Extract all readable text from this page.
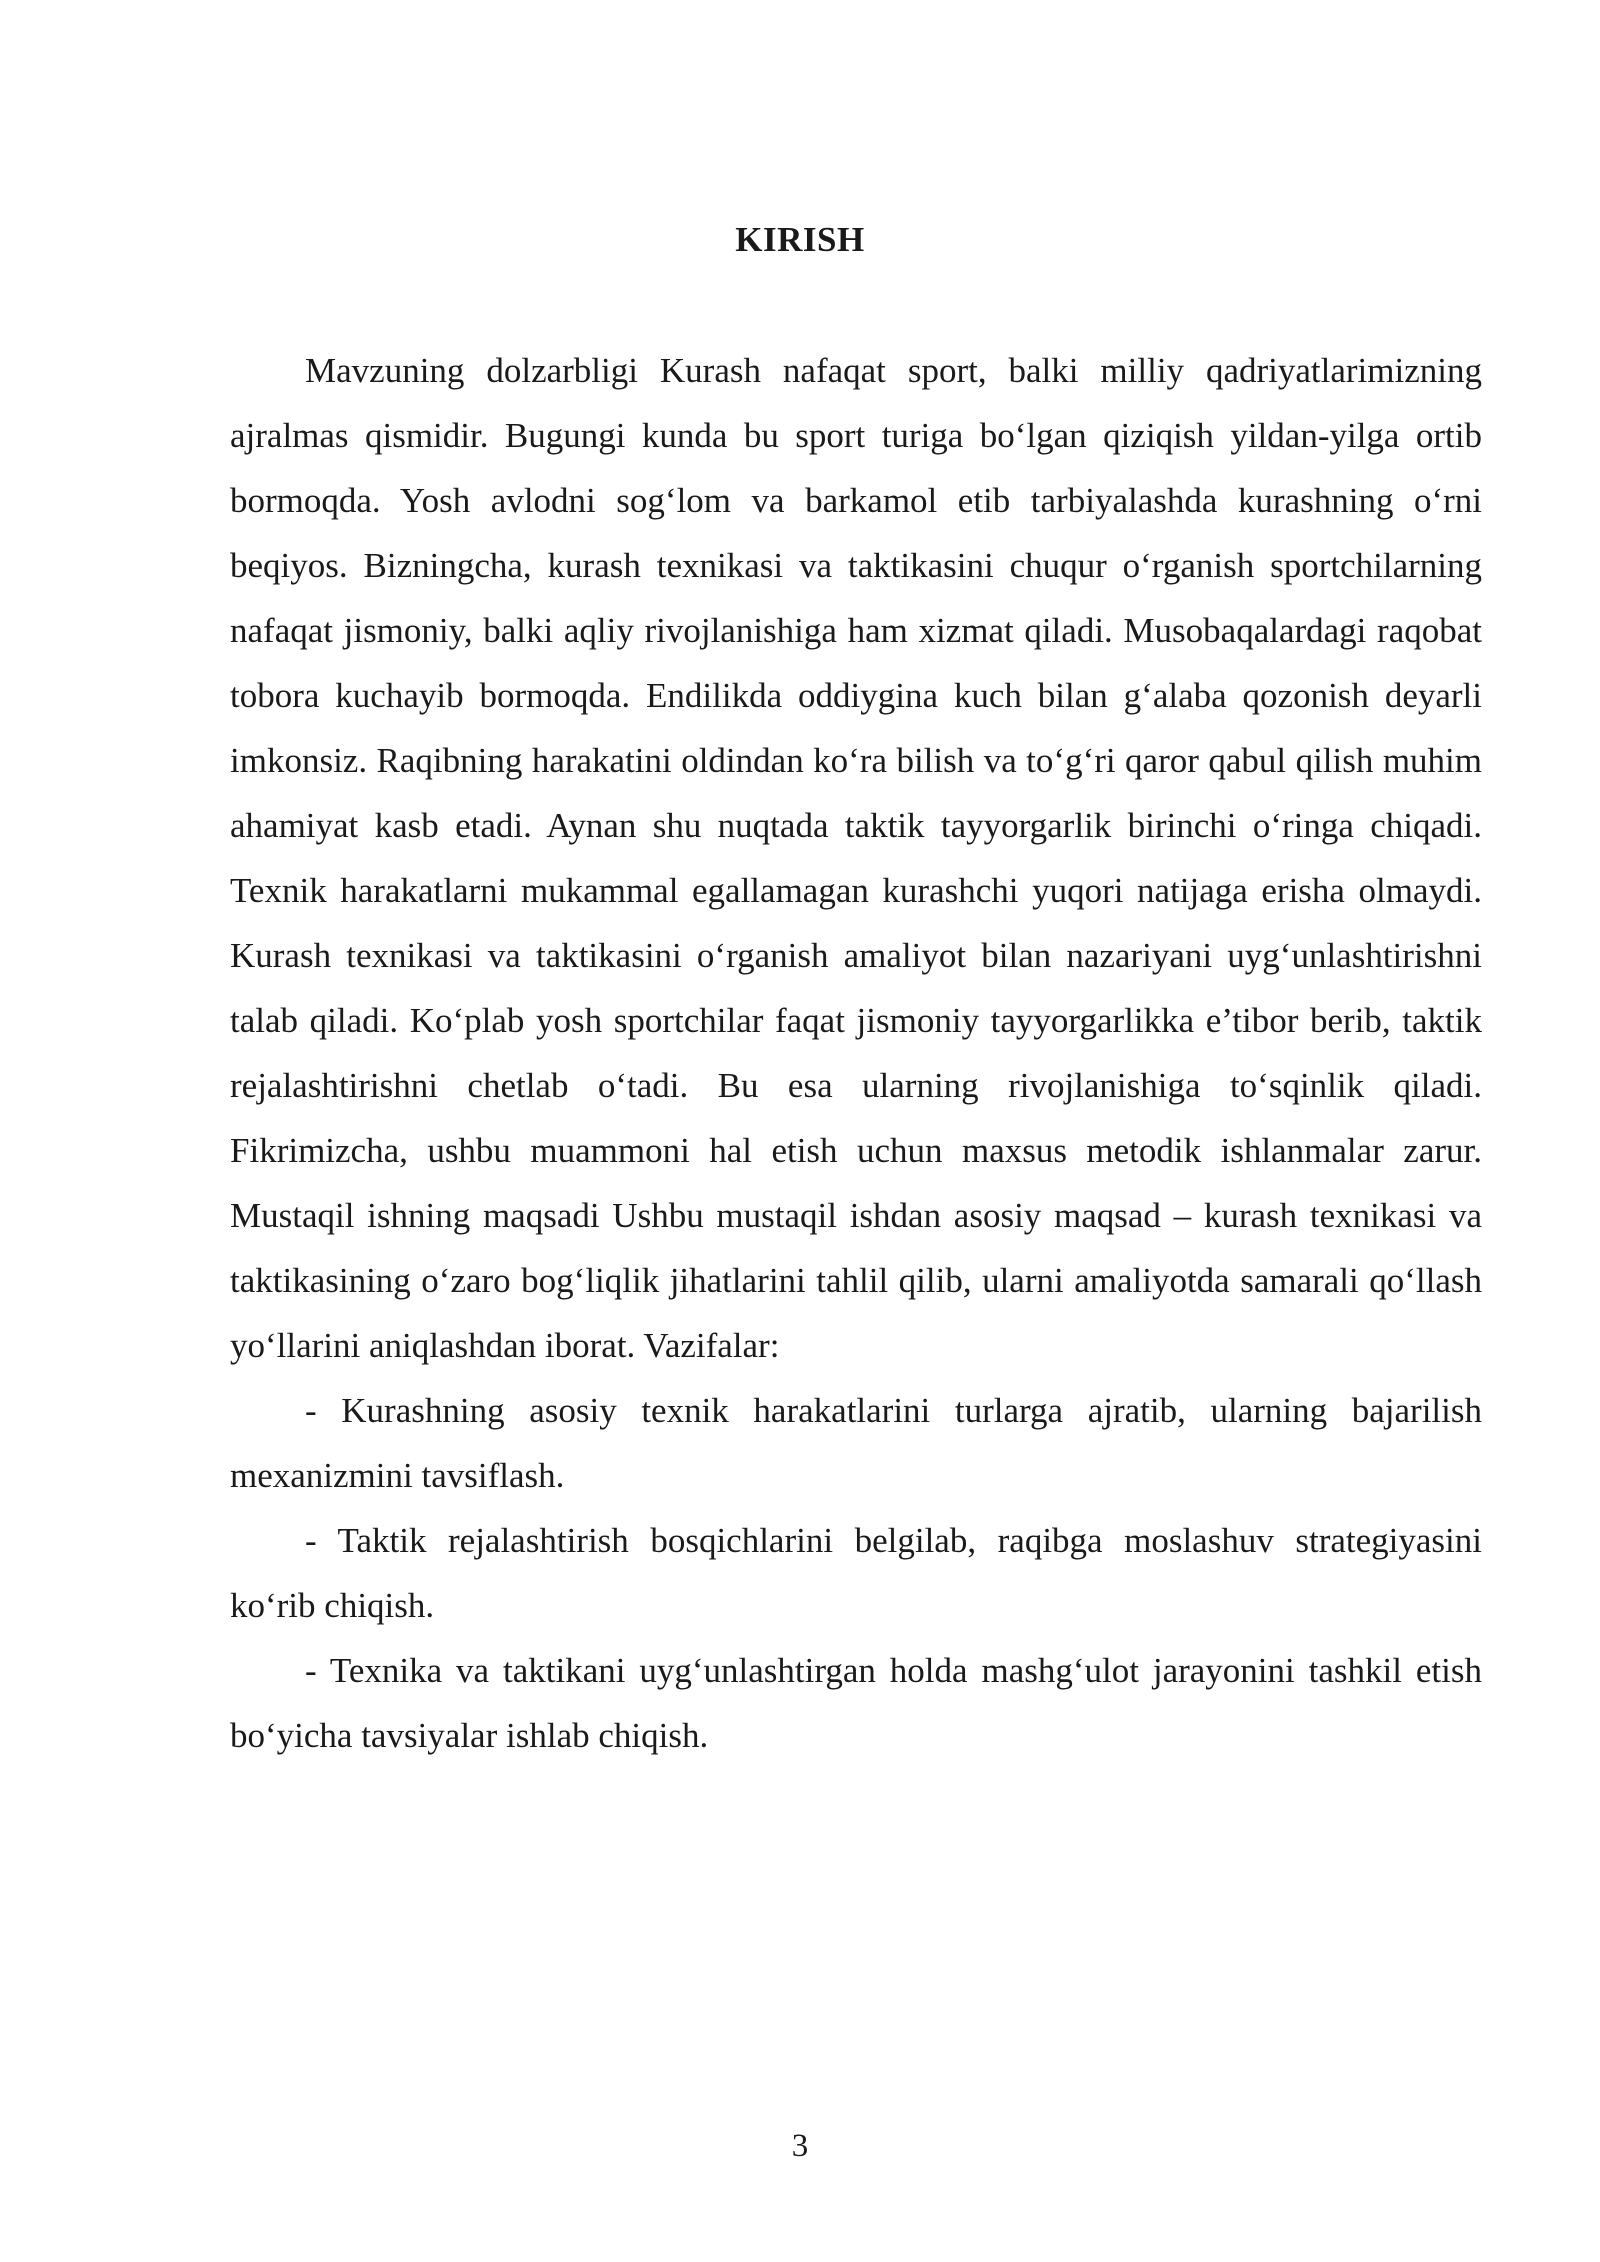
KIRISH

Mavzuning dolzarbligi Kurash nafaqat sport, balki milliy qadriyatlarimizning ajralmas qismidir. Bugungi kunda bu sport turiga bo‘lgan qiziqish yildan-yilga ortib bormoqda. Yosh avlodni sog‘lom va barkamol etib tarbiyalashda kurashning o‘rni beqiyos. Bizningcha, kurash texnikasi va taktikasini chuqur o‘rganish sportchilarning nafaqat jismoniy, balki aqliy rivojlanishiga ham xizmat qiladi. Musobaqalardagi raqobat tobora kuchayib bormoqda. Endilikda oddiygina kuch bilan g‘alaba qozonish deyarli imkonsiz. Raqibning harakatini oldindan ko‘ra bilish va to‘g‘ri qaror qabul qilish muhim ahamiyat kasb etadi. Aynan shu nuqtada taktik tayyorgarlik birinchi o‘ringa chiqadi. Texnik harakatlarni mukammal egallamagan kurashchi yuqori natijaga erisha olmaydi. Kurash texnikasi va taktikasini o‘rganish amaliyot bilan nazariyani uyg‘unlashtirishni talab qiladi. Ko‘plab yosh sportchilar faqat jismoniy tayyorgarlikka e’tibor berib, taktik rejalashtirishni chetlab o‘tadi. Bu esa ularning rivojlanishiga to‘sqinlik qiladi. Fikrimizcha, ushbu muammoni hal etish uchun maxsus metodik ishlanmalar zarur. Mustaqil ishning maqsadi Ushbu mustaqil ishdan asosiy maqsad – kurash texnikasi va taktikasining o‘zaro bog‘liqlik jihatlarini tahlil qilib, ularni amaliyotda samarali qo‘llash yo‘llarini aniqlashdan iborat. Vazifalar:

- Kurashning asosiy texnik harakatlarini turlarga ajratib, ularning bajarilish mexanizmini tavsiflash.

- Taktik rejalashtirish bosqichlarini belgilab, raqibga moslashuv strategiyasini ko‘rib chiqish.

- Texnika va taktikani uyg‘unlashtirgan holda mashg‘ulot jarayonini tashkil etish bo‘yicha tavsiyalar ishlab chiqish.

3
